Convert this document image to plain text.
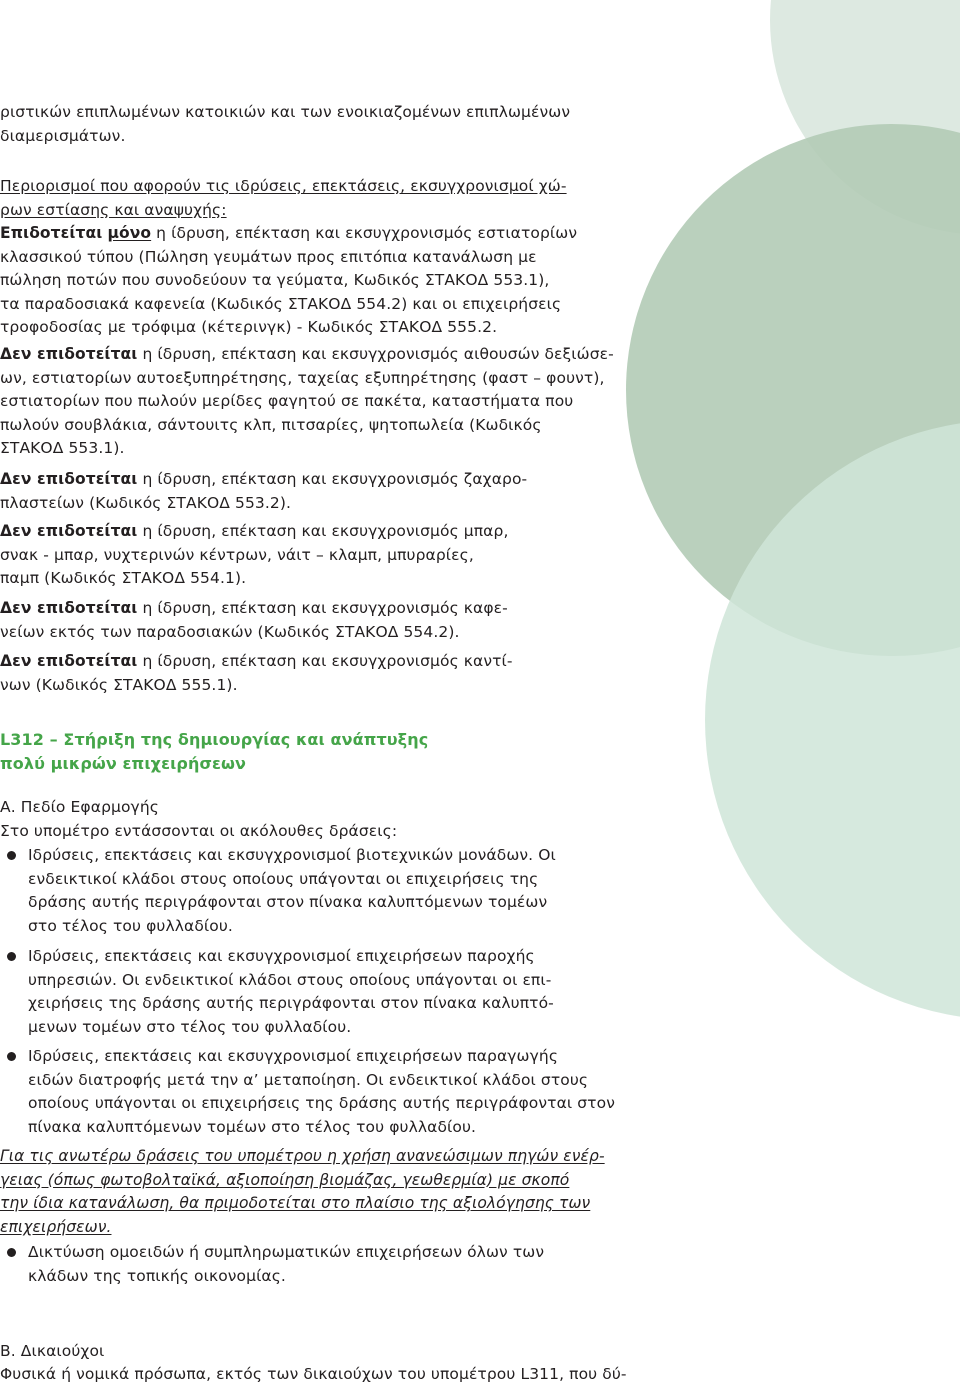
ριστικών επιπλωμένων κατοικιών και των ενοικιαζομένων επιπλωμένων
διαμερισμάτων.
Περιορισμοί που αφορούν τις ιδρύσεις, επεκτάσεις, εκσυγχρονισμοί χώ-
ρων εστίασης και αναψυχής:
Επιδοτείται μόνο η ίδρυση, επέκταση και εκσυγχρονισμός εστιατορίων
κλασσικού τύπου (Πώληση γευμάτων προς επιτόπια κατανάλωση με
πώληση ποτών που συνοδεύουν τα γεύματα, Κωδικός ΣΤΑΚΟΔ 553.1),
τα παραδοσιακά καφενεία (Κωδικός ΣΤΑΚΟΔ 554.2) και οι επιχειρήσεις
τροφοδοσίας με τρόφιμα (κέτερινγκ) - Κωδικός ΣΤΑΚΟΔ 555.2.
Δεν επιδοτείται η ίδρυση, επέκταση και εκσυγχρονισμός αιθουσών δεξιώσε-
ων, εστιατορίων αυτοεξυπηρέτησης, ταχείας εξυπηρέτησης (φαστ – φουντ),
εστιατορίων που πωλούν μερίδες φαγητού σε πακέτα, καταστήματα που
πωλούν σουβλάκια, σάντουιτς κλπ, πιτσαρίες, ψητοπωλεία (Κωδικός
ΣΤΑΚΟΔ 553.1).
Δεν επιδοτείται η ίδρυση, επέκταση και εκσυγχρονισμός ζαχαρο-
πλαστείων (Κωδικός ΣΤΑΚΟΔ 553.2).
Δεν επιδοτείται η ίδρυση, επέκταση και εκσυγχρονισμός μπαρ,
σνακ - μπαρ, νυχτερινών κέντρων, νάιτ – κλαμπ, μπυραρίες,
παμπ (Κωδικός ΣΤΑΚΟΔ 554.1).
Δεν επιδοτείται η ίδρυση, επέκταση και εκσυγχρονισμός καφε-
νείων εκτός των παραδοσιακών (Κωδικός ΣΤΑΚΟΔ 554.2).
Δεν επιδοτείται η ίδρυση, επέκταση και εκσυγχρονισμός καντί-
νων (Κωδικός ΣΤΑΚΟΔ 555.1).
L312 – Στήριξη της δημιουργίας και ανάπτυξης
πολύ μικρών επιχειρήσεων
Α. Πεδίο Εφαρμογής
Στο υπομέτρο εντάσσονται οι ακόλουθες δράσεις:
Ιδρύσεις, επεκτάσεις και εκσυγχρονισμοί βιοτεχνικών μονάδων. Οι
ενδεικτικοί κλάδοι στους οποίους υπάγονται οι επιχειρήσεις της
δράσης αυτής περιγράφονται στον πίνακα καλυπτόμενων τομέων
στο τέλος του φυλλαδίου.
Ιδρύσεις, επεκτάσεις και εκσυγχρονισμοί επιχειρήσεων παροχής
υπηρεσιών. Οι ενδεικτικοί κλάδοι στους οποίους υπάγονται οι επι-
χειρήσεις της δράσης αυτής περιγράφονται στον πίνακα καλυπτό-
μενων τομέων στο τέλος του φυλλαδίου.
Ιδρύσεις, επεκτάσεις και εκσυγχρονισμοί επιχειρήσεων παραγωγής
ειδών διατροφής μετά την α’ μεταποίηση. Οι ενδεικτικοί κλάδοι στους
οποίους υπάγονται οι επιχειρήσεις της δράσης αυτής περιγράφονται στον
πίνακα καλυπτόμενων τομέων στο τέλος του φυλλαδίου.
Για τις ανωτέρω δράσεις του υπομέτρου η χρήση ανανεώσιμων πηγών ενέρ-
γειας (όπως φωτοβολταϊκά, αξιοποίηση βιομάζας, γεωθερμία) με σκοπό
την ίδια κατανάλωση, θα πριμοδοτείται στο πλαίσιο της αξιολόγησης των
επιχειρήσεων.
Δικτύωση ομοειδών ή συμπληρωματικών επιχειρήσεων όλων των
κλάδων της τοπικής οικονομίας.
Β. Δικαιούχοι
Φυσικά ή νομικά πρόσωπα, εκτός των δικαιούχων του υπομέτρου L311, που δύ-
